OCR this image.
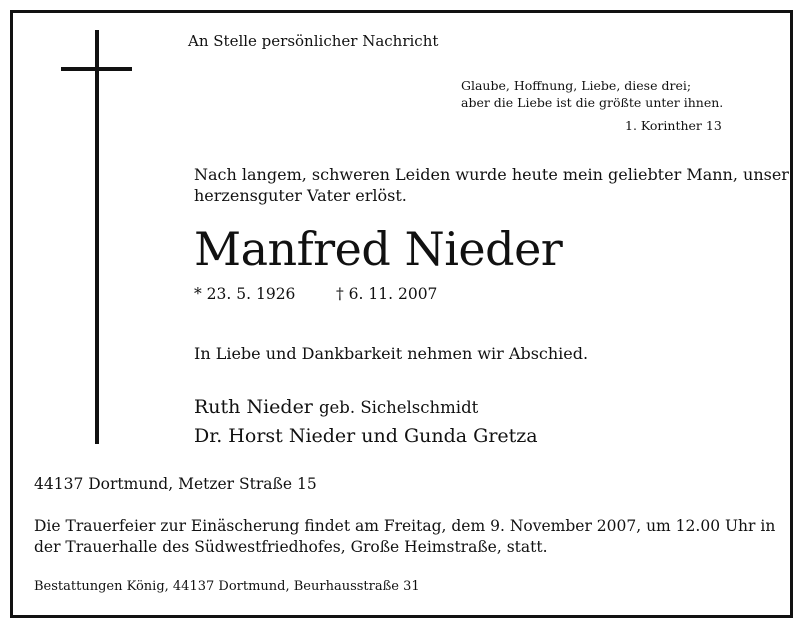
An Stelle persönlicher Nachricht
Glaube, Hoffnung, Liebe, diese drei;
aber die Liebe ist die größte unter ihnen.
1. Korinther 13
Nach langem, schweren Leiden wurde heute mein geliebter Mann, unser
herzensguter Vater erlöst.
Manfred Nieder
* 23. 5. 1926	† 6. 11. 2007
In Liebe und Dankbarkeit nehmen wir Abschied.
Ruth Nieder geb. Sichelschmidt
Dr. Horst Nieder und Gunda Gretza
44137 Dortmund, Metzer Straße 15
Die Trauerfeier zur Einäscherung findet am Freitag, dem 9. November 2007, um 12.00 Uhr in
der Trauerhalle des Südwestfriedhofes, Große Heimstraße, statt.
Bestattungen König, 44137 Dortmund, Beurhausstraße 31
